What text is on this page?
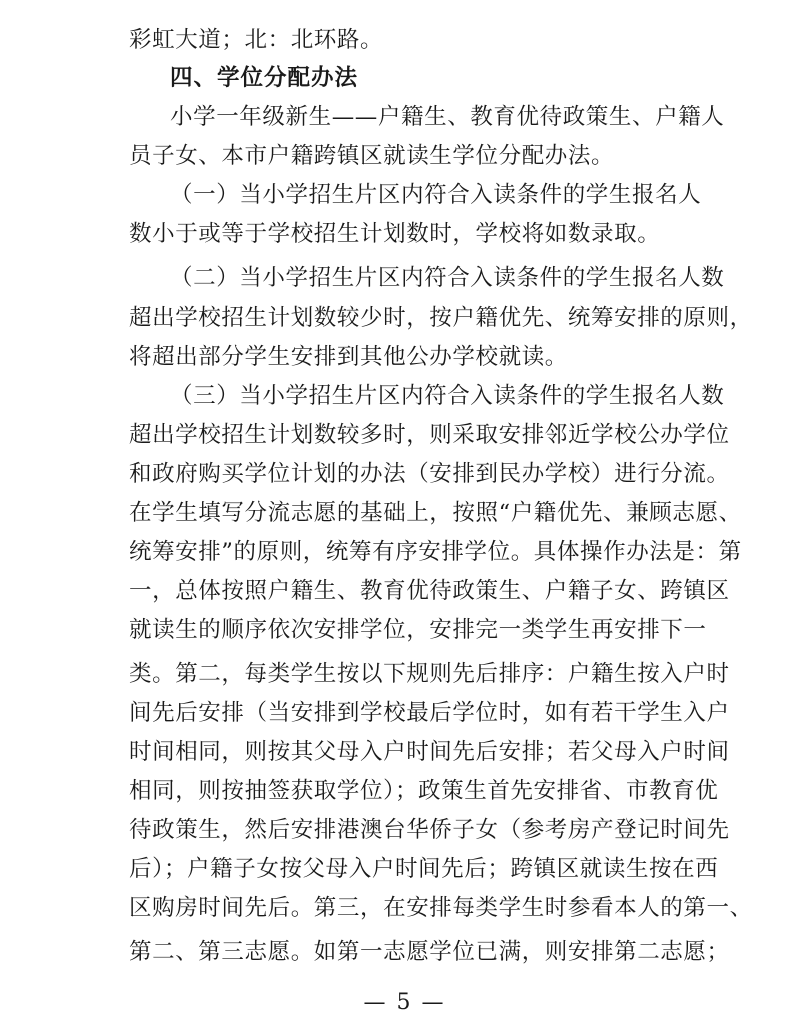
彩虹大道；北：北环路。
四、学位分配办法
小学一年级新生——户籍生、教育优待政策生、户籍人
员子女、本市户籍跨镇区就读生学位分配办法。
（一）当小学招生片区内符合入读条件的学生报名人
数小于或等于学校招生计划数时，学校将如数录取。
（二）当小学招生片区内符合入读条件的学生报名人数
超出学校招生计划数较少时，按户籍优先、统筹安排的原则，
将超出部分学生安排到其他公办学校就读。
（三）当小学招生片区内符合入读条件的学生报名人数
超出学校招生计划数较多时，则采取安排邻近学校公办学位
和政府购买学位计划的办法（安排到民办学校）进行分流。
在学生填写分流志愿的基础上，按照“户籍优先、兼顾志愿、
统筹安排”的原则，统筹有序安排学位。具体操作办法是：第
一，总体按照户籍生、教育优待政策生、户籍子女、跨镇区
就读生的顺序依次安排学位，安排完一类学生再安排下一
类。第二，每类学生按以下规则先后排序：户籍生按入户时
间先后安排（当安排到学校最后学位时，如有若干学生入户
时间相同，则按其父母入户时间先后安排；若父母入户时间
相同，则按抽签获取学位）；政策生首先安排省、市教育优
待政策生，然后安排港澳台华侨子女（参考房产登记时间先
后）；户籍子女按父母入户时间先后；跨镇区就读生按在西
区购房时间先后。第三，在安排每类学生时参看本人的第一、
第二、第三志愿。如第一志愿学位已满，则安排第二志愿；
— 5 —
